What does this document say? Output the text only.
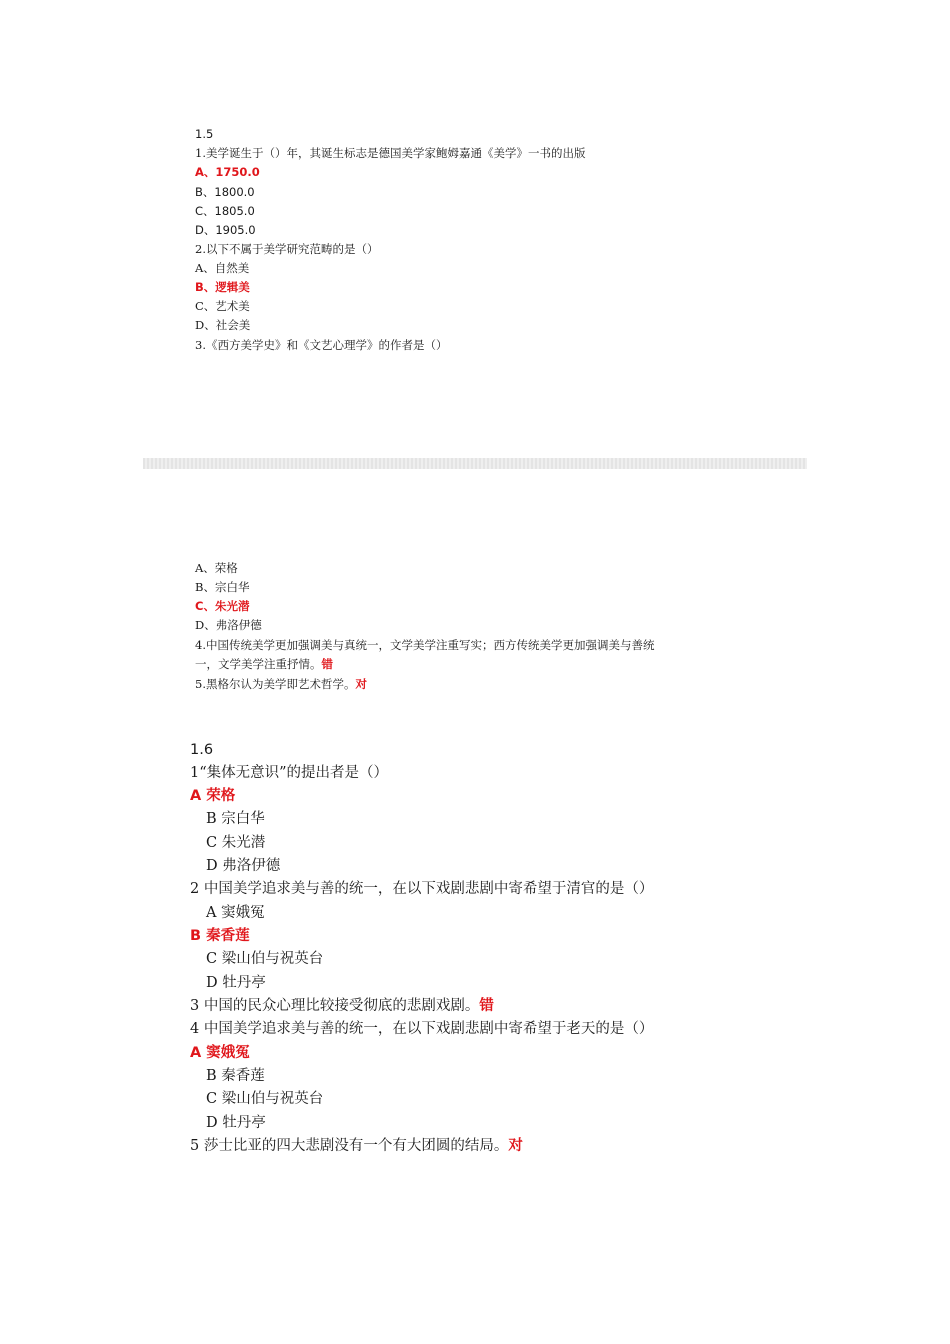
1.5
1.美学诞生于（）年，其诞生标志是德国美学家鲍姆嘉通《美学》一书的出版
A、1750.0
B、1800.0
C、1805.0
D、1905.0
2.以下不属于美学研究范畴的是（）
A、自然美
B、逻辑美
C、艺术美
D、社会美
3.《西方美学史》和《文艺心理学》的作者是（）
A、荣格
B、宗白华
C、朱光潜
D、弗洛伊德
4.中国传统美学更加强调美与真统一，文学美学注重写实；西方传统美学更加强调美与善统
一，文学美学注重抒情。错
5.黑格尔认为美学即艺术哲学。对
1.6
1“集体无意识”的提出者是（）
A 荣格
B 宗白华
C 朱光潜
D 弗洛伊德
2 中国美学追求美与善的统一，在以下戏剧悲剧中寄希望于清官的是（）
A 窦娥冤
B 秦香莲
C 梁山伯与祝英台
D 牡丹亭
3 中国的民众心理比较接受彻底的悲剧戏剧。错
4 中国美学追求美与善的统一，在以下戏剧悲剧中寄希望于老天的是（）
A 窦娥冤
B 秦香莲
C 梁山伯与祝英台
D 牡丹亭
5 莎士比亚的四大悲剧没有一个有大团圆的结局。对
